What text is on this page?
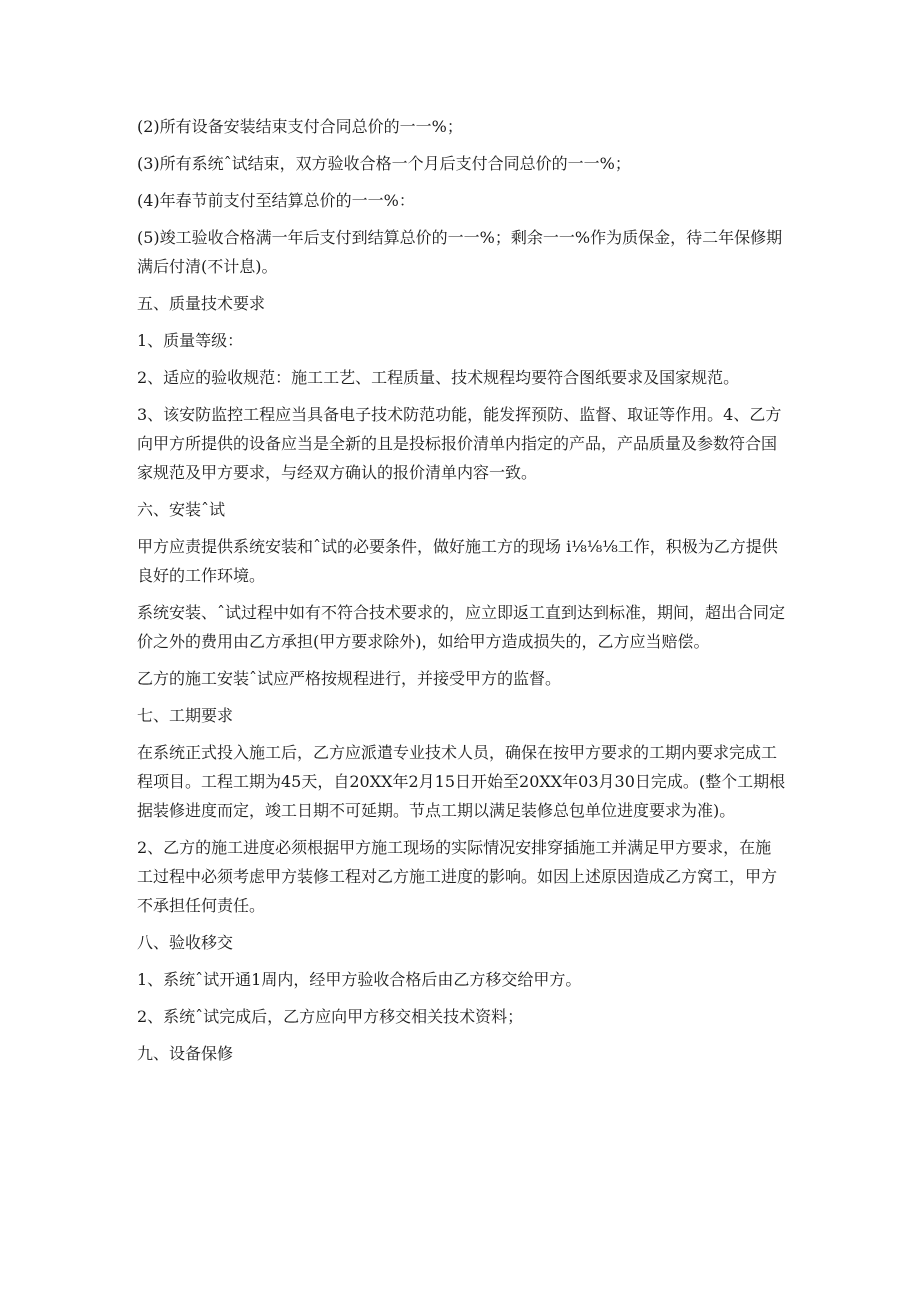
(2)所有设备安装结束支付合同总价的一一%；

(3)所有系统ˆ试结束，双方验收合格一个月后支付合同总价的一一%；

(4)年春节前支付至结算总价的一一%：

(5)竣工验收合格满一年后支付到结算总价的一一%；剩余一一%作为质保金，待二年保修期满后付清(不计息)。

五、质量技术要求

1、质量等级：

2、适应的验收规范：施工工艺、工程质量、技术规程均要符合图纸要求及国家规范。

3、该安防监控工程应当具备电子技术防范功能，能发挥预防、监督、取证等作用。4、乙方向甲方所提供的设备应当是全新的且是投标报价清单内指定的产品，产品质量及参数符合国家规范及甲方要求，与经双方确认的报价清单内容一致。

六、安装ˆ试

甲方应责提供系统安装和ˆ试的必要条件，做好施工方的现场 i⅛⅛⅛工作，积极为乙方提供良好的工作环境。

系统安装、ˆ试过程中如有不符合技术要求的，应立即返工直到达到标准，期间，超出合同定价之外的费用由乙方承担(甲方要求除外)，如给甲方造成损失的，乙方应当赔偿。

乙方的施工安装ˆ试应严格按规程进行，并接受甲方的监督。

七、工期要求

在系统正式投入施工后，乙方应派遣专业技术人员，确保在按甲方要求的工期内要求完成工程项目。工程工期为45天，自20XX年2月15日开始至20XX年03月30日完成。(整个工期根据装修进度而定，竣工日期不可延期。节点工期以满足装修总包单位进度要求为准)。

2、乙方的施工进度必须根据甲方施工现场的实际情况安排穿插施工并满足甲方要求，在施工过程中必须考虑甲方装修工程对乙方施工进度的影响。如因上述原因造成乙方窝工，甲方不承担任何责任。

八、验收移交

1、系统ˆ试开通1周内，经甲方验收合格后由乙方移交给甲方。

2、系统ˆ试完成后，乙方应向甲方移交相关技术资料；

九、设备保修
